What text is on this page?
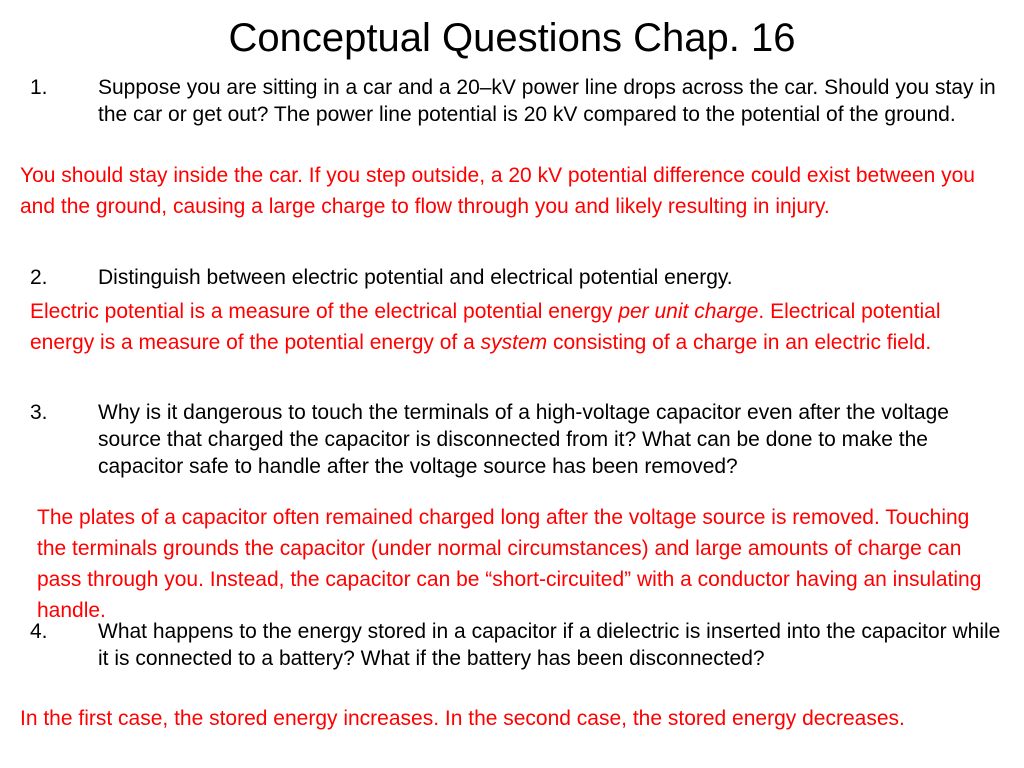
Conceptual Questions Chap. 16
1. Suppose you are sitting in a car and a 20–kV power line drops across the car. Should you stay in the car or get out? The power line potential is 20 kV compared to the potential of the ground.
You should stay inside the car. If you step outside, a 20 kV potential difference could exist between you and the ground, causing a large charge to flow through you and likely resulting in injury.
2. Distinguish between electric potential and electrical potential energy.
Electric potential is a measure of the electrical potential energy per unit charge. Electrical potential energy is a measure of the potential energy of a system consisting of a charge in an electric field.
3. Why is it dangerous to touch the terminals of a high-voltage capacitor even after the voltage source that charged the capacitor is disconnected from it? What can be done to make the capacitor safe to handle after the voltage source has been removed?
The plates of a capacitor often remained charged long after the voltage source is removed. Touching the terminals grounds the capacitor (under normal circumstances) and large amounts of charge can pass through you. Instead, the capacitor can be “short-circuited” with a conductor having an insulating handle.
4. What happens to the energy stored in a capacitor if a dielectric is inserted into the capacitor while it is connected to a battery? What if the battery has been disconnected?
In the first case, the stored energy increases. In the second case, the stored energy decreases.
